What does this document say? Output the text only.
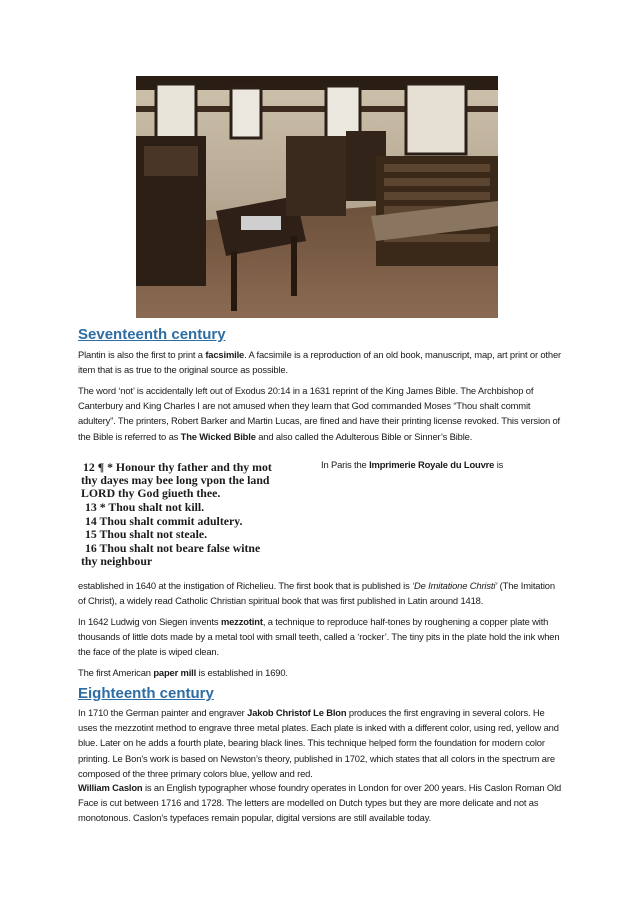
Seventeenth century

Plantin is also the first to print a facsimile. A facsimile is a reproduction of an old book, manuscript, map, art print or other item that is as true to the original source as possible.

The word ‘not’ is accidentally left out of Exodus 20:14 in a 1631 reprint of the King James Bible. The Archbishop of Canterbury and King Charles I are not amused when they learn that God commanded Moses “Thou shalt commit adultery”. The printers, Robert Barker and Martin Lucas, are fined and have their printing license revoked. This version of the Bible is referred to as The Wicked Bible and also called the Adulterous Bible or Sinner’s Bible.

12 ¶ * Honour thy father and thy mot
thy dayes may bee long vpon the land
LORD thy God giueth thee.
13 * Thou shalt not kill.
14 Thou shalt commit adultery.
15 Thou shalt not steale.
16 Thou shalt not beare false witne
thy neighbour

In Paris the Imprimerie Royale du Louvre is

established in 1640 at the instigation of Richelieu. The first book that is published is ‘De Imitatione Christi’ (The Imitation of Christ), a widely read Catholic Christian spiritual book that was first published in Latin around 1418.

In 1642 Ludwig von Siegen invents mezzotint, a technique to reproduce half-tones by roughening a copper plate with thousands of little dots made by a metal tool with small teeth, called a ‘rocker’. The tiny pits in the plate hold the ink when the face of the plate is wiped clean.

The first American paper mill is established in 1690.

Eighteenth century

In 1710 the German painter and engraver Jakob Christof Le Blon produces the first engraving in several colors. He uses the mezzotint method to engrave three metal plates. Each plate is inked with a different color, using red, yellow and blue. Later on he adds a fourth plate, bearing black lines. This technique helped form the foundation for modern color printing. Le Bon’s work is based on Newston’s theory, published in 1702, which states that all colors in the spectrum are composed of the three primary colors blue, yellow and red.

William Caslon is an English typographer whose foundry operates in London for over 200 years. His Caslon Roman Old Face is cut between 1716 and 1728. The letters are modelled on Dutch types but they are more delicate and not as monotonous. Caslon’s typefaces remain popular, digital versions are still available today.
